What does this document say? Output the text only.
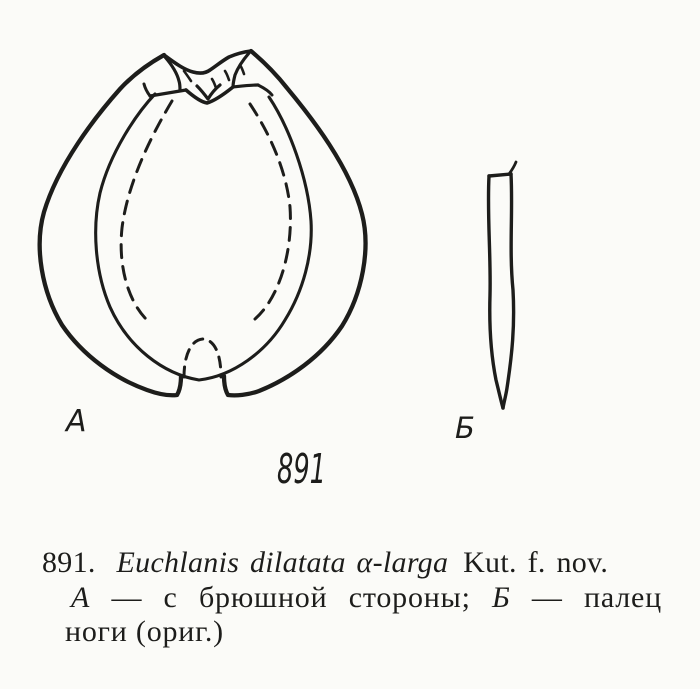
А	Б
891
891. Euchlanis dilatata α-larga Kut. f. nov.
А — с брюшной стороны; Б — палец
ноги (ориг.)
